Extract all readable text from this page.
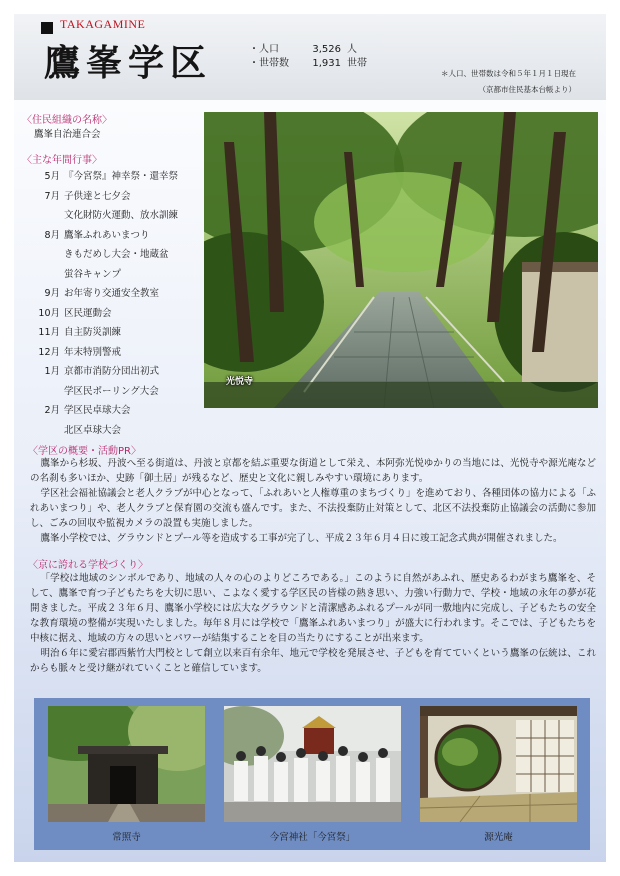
TAKAGAMINE
鷹峯学区	・人口	3,526 人
・世帯数 1,931 世帯
＊人口、世帯数は令和５年１月１日現在
（京都市住民基本台帳より）
〈住民組織の名称〉
鷹峯自治連合会
〈主な年間行事〉
5月 『今宮祭』神幸祭・還幸祭
7月 子供達と七夕会
文化財防火運動、放水訓練
8月 鷹峯ふれあいまつり
きもだめし大会・地蔵盆
蛍谷キャンプ
9月 お年寄り交通安全教室
10月 区民運動会
11月 自主防災訓練
12月 年末特別警戒
1月 京都市消防分団出初式
学区民ボーリング大会
2月 学区民卓球大会
北区卓球大会
光悦寺
〈学区の概要・活動PR〉

鷹峯から杉坂、丹波へ至る街道は、丹波と京都を結ぶ重要な街道として栄え、本阿弥光悦ゆかりの当地には、光悦寺や源光庵などの名刹も多いほか、史跡「御土居」が残るなど、歴史と文化に親しみやすい環境にあります。

学区社会福祉協議会と老人クラブが中心となって、「ふれあいと人権尊重のまちづくり」を進めており、各種団体の協力による「ふれあいまつり」や、老人クラブと保育園の交流も盛んです。また、不法投棄防止対策として、北区不法投棄防止協議会の活動に参加し、ごみの回収や監視カメラの設置も実施しました。

鷹峯小学校では、グラウンドとプール等を造成する工事が完了し、平成２３年６月４日に竣工記念式典が開催されました。

〈京に誇れる学校づくり〉

「学校は地域のシンボルであり、地域の人々の心のよりどころである。」このように自然があふれ、歴史あるわがまち鷹峯を、そして、鷹峯で育つ子どもたちを大切に思い、こよなく愛する学区民の皆様の熱き思い、力強い行動力で、学校・地域の永年の夢が花開きました。平成２３年６月、鷹峯小学校には広大なグラウンドと清潔感あふれるプールが同一敷地内に完成し、子どもたちの安全な教育環境の整備が実現いたしました。毎年８月には学校で「鷹峯ふれあいまつり」が盛大に行われます。そこでは、子どもたちを中核に据え、地域の方々の思いとパワーが結集することを目の当たりにすることが出来ます。

明治６年に愛宕郡西紫竹大門校として創立以来百有余年、地元で学校を発展させ、子どもを育てていくという鷹峯の伝統は、これからも脈々と受け継がれていくことと確信しています。

常照寺	今宮神社「今宮祭」	源光庵
